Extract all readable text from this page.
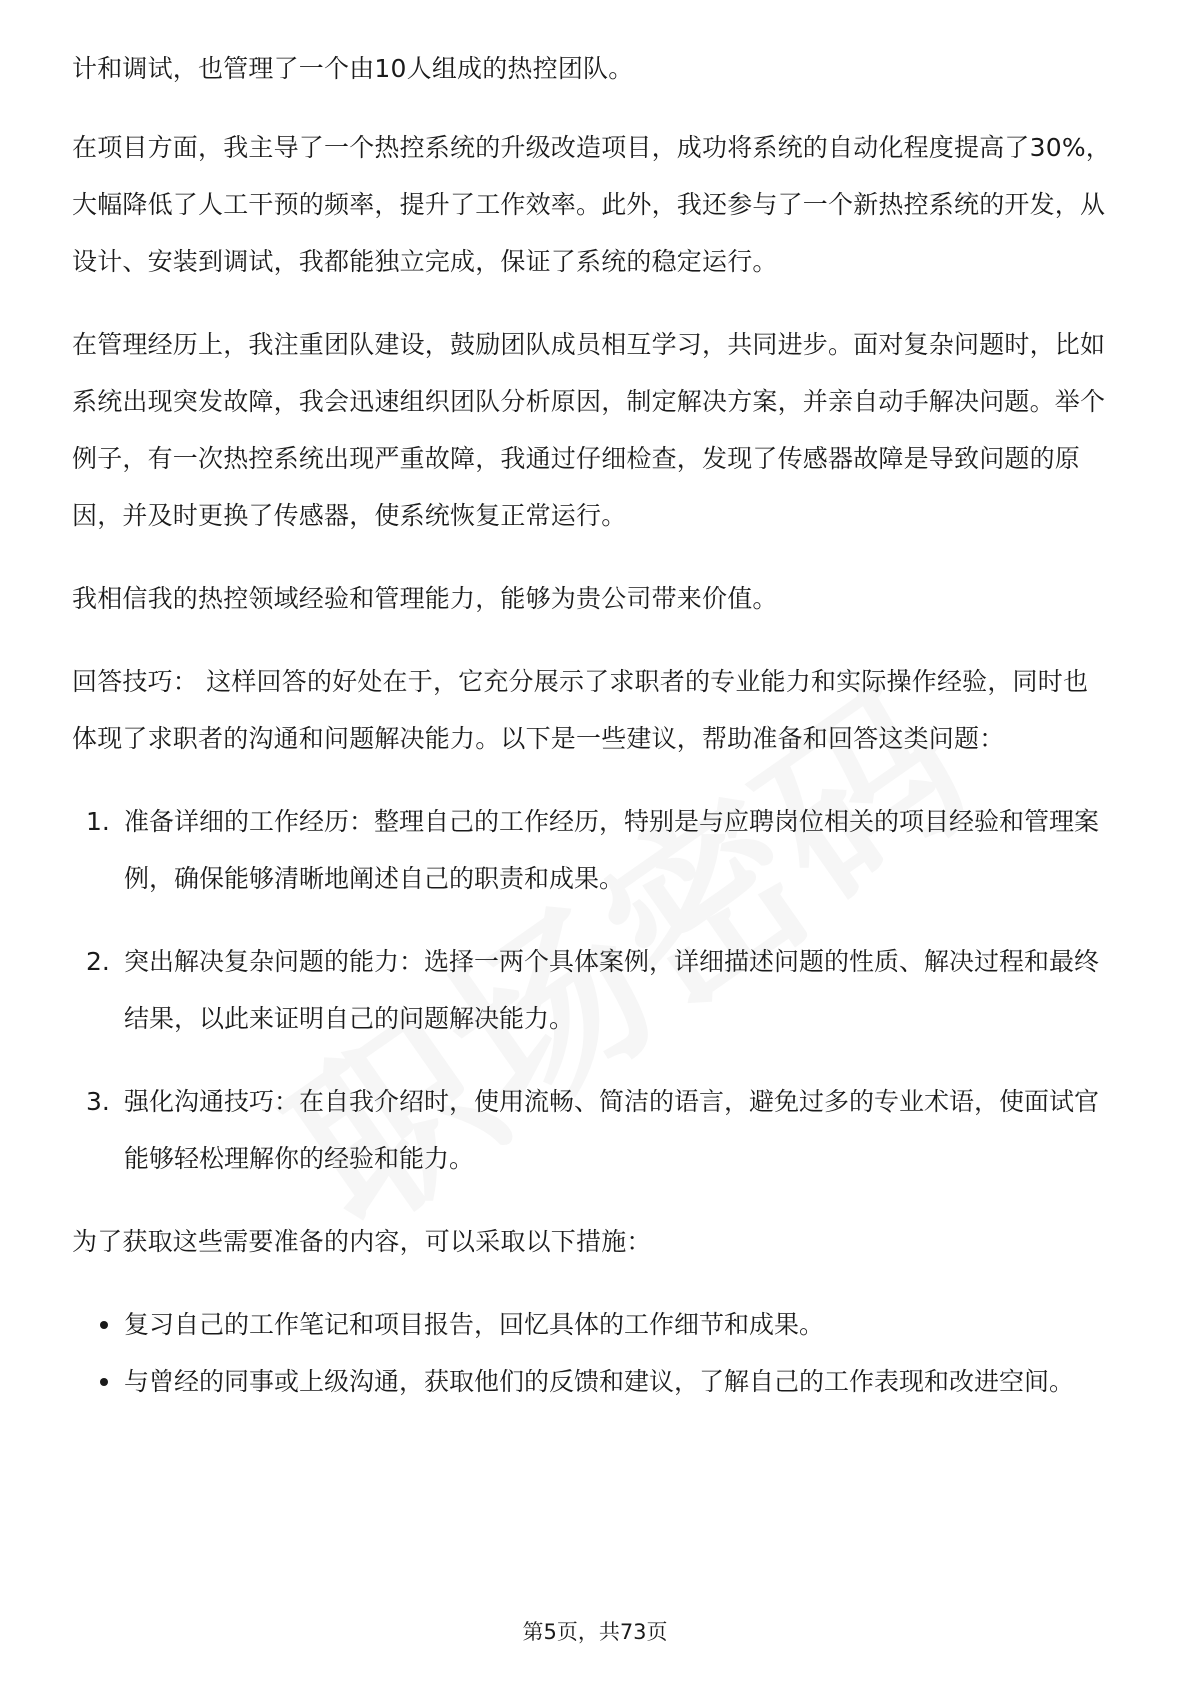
计和调试，也管理了一个由10人组成的热控团队。

在项目方面，我主导了一个热控系统的升级改造项目，成功将系统的自动化程度提高了30%，大幅降低了人工干预的频率，提升了工作效率。此外，我还参与了一个新热控系统的开发，从设计、安装到调试，我都能独立完成，保证了系统的稳定运行。

在管理经历上，我注重团队建设，鼓励团队成员相互学习，共同进步。面对复杂问题时，比如系统出现突发故障，我会迅速组织团队分析原因，制定解决方案，并亲自动手解决问题。举个例子，有一次热控系统出现严重故障，我通过仔细检查，发现了传感器故障是导致问题的原因，并及时更换了传感器，使系统恢复正常运行。

我相信我的热控领域经验和管理能力，能够为贵公司带来价值。

回答技巧： 这样回答的好处在于，它充分展示了求职者的专业能力和实际操作经验，同时也体现了求职者的沟通和问题解决能力。以下是一些建议，帮助准备和回答这类问题：

1. 准备详细的工作经历：整理自己的工作经历，特别是与应聘岗位相关的项目经验和管理案例，确保能够清晰地阐述自己的职责和成果。
2. 突出解决复杂问题的能力：选择一两个具体案例，详细描述问题的性质、解决过程和最终结果，以此来证明自己的问题解决能力。
3. 强化沟通技巧：在自我介绍时，使用流畅、简洁的语言，避免过多的专业术语，使面试官能够轻松理解你的经验和能力。

为了获取这些需要准备的内容，可以采取以下措施：

复习自己的工作笔记和项目报告，回忆具体的工作细节和成果。
与曾经的同事或上级沟通，获取他们的反馈和建议，了解自己的工作表现和改进空间。
第5页，共73页
